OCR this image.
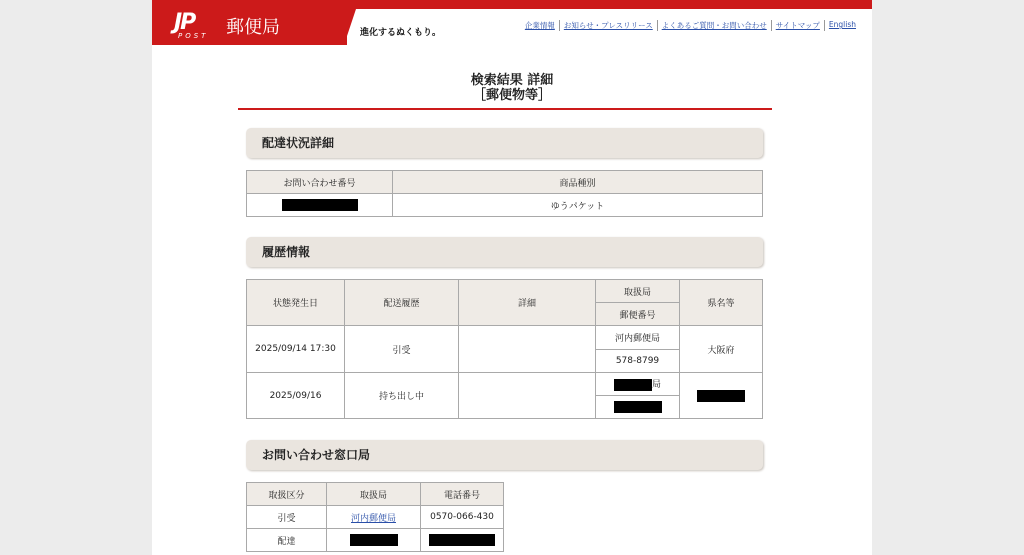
JP
POST 郵便局	進化するぬくもり。
企業情報	お知らせ・プレスリリース	よくあるご質問・お問い合わせ	サイトマップ	English
検索結果 詳細
［郵便物等］
配達状況詳細
お問い合わせ番号	商品種別
	ゆうパケット
履歴情報
状態発生日	配送履歴	詳細	取扱局	県名等
			郵便番号	
2025/09/14 17:30	引受		河内郵便局	大阪府
			578-8799	
2025/09/16	持ち出し中		局	

お問い合わせ窓口局
取扱区分	取扱局	電話番号
引受	河内郵便局	0570-066-430
配達		
